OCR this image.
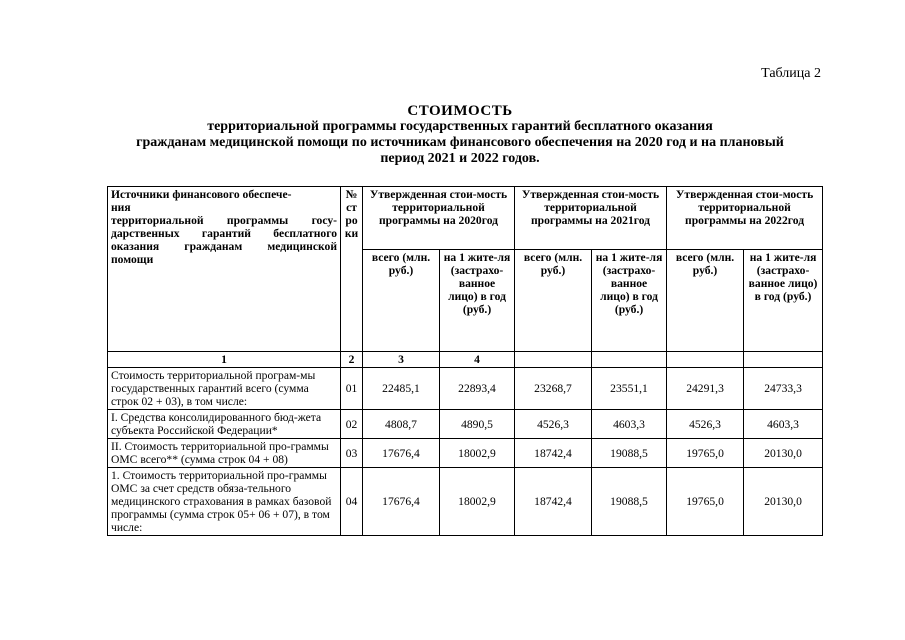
Таблица 2
СТОИМОСТЬ
территориальной программы государственных гарантий бесплатного оказания
гражданам медицинской помощи по источникам финансового обеспечения на 2020 год и на плановый
период 2021 и 2022 годов.
Источники финансового обеспече-
ния
территориальной программы госу-дарственных гарантий бесплатного оказания гражданам медицинской помощи	№ ст ро ки	Утвержденная стои-мость территориальной программы на 2020год		Утвержденная стои-мость территориальной программы на 2021год		Утвержденная стои-мость территориальной программы на 2022год	
		всего (млн. руб.)	на 1 жите-ля (застрахо-ванное лицо) в год (руб.)	всего (млн. руб.)	на 1 жите-ля (застрахо-ванное лицо) в год (руб.)	всего (млн. руб.)	на 1 жите-ля (застрахо-ванное лицо) в год (руб.)
1	2	3	4				
Стоимость территориальной програм-мы государственных гарантий всего (сумма строк 02 + 03), в том числе:	01	22485,1	22893,4	23268,7	23551,1	24291,3	24733,3
I. Средства консолидированного бюд-жета субъекта Российской Федерации*	02	4808,7	4890,5	4526,3	4603,3	4526,3	4603,3
II. Стоимость территориальной про-граммы ОМС всего** (сумма строк 04 + 08)	03	17676,4	18002,9	18742,4	19088,5	19765,0	20130,0
1. Стоимость территориальной про-граммы ОМС за счет средств обяза-тельного медицинского страхования в рамках базовой программы (сумма строк 05+ 06 + 07), в том числе:	04	17676,4	18002,9	18742,4	19088,5	19765,0	20130,0
